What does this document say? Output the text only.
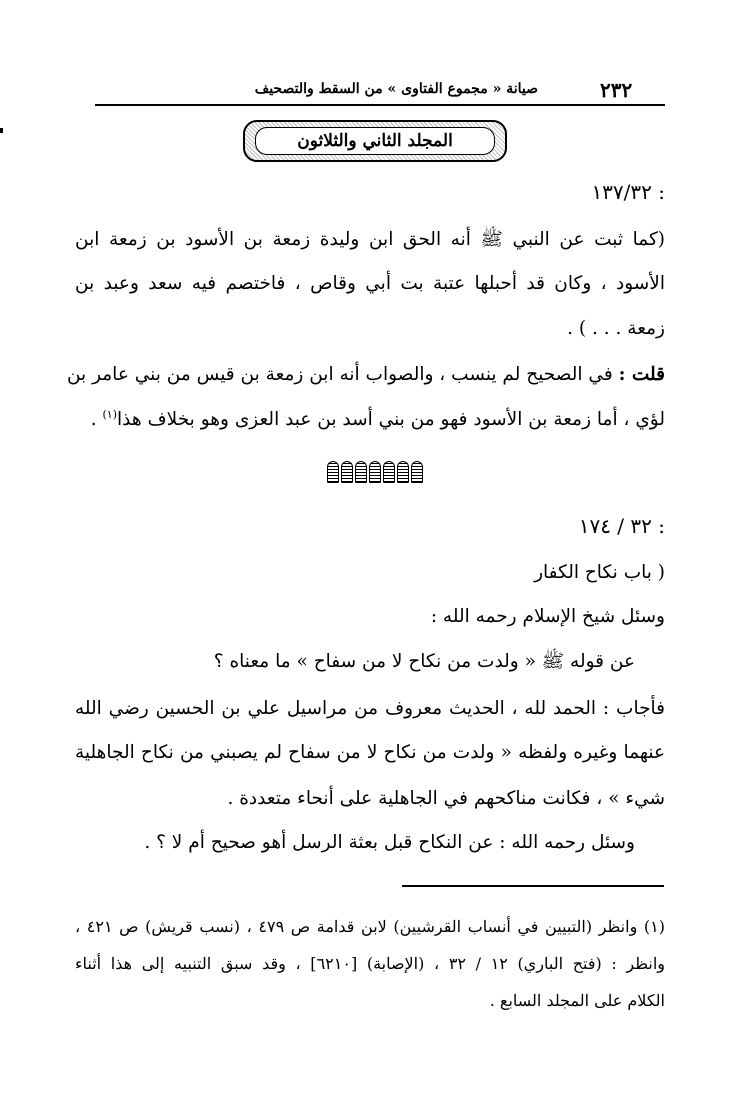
٢٣٢
صيانة « مجموع الفتاوى » من السقط والتصحيف
المجلد الثاني والثلاثون
١٣٧/٣٢ :
(كما ثبت عن النبي ﷺ أنه الحق ابن وليدة زمعة بن الأسود بن زمعة ابن
الأسود ، وكان قد أحبلها عتبة بت أبي وقاص ، فاختصم فيه سعد وعبد بن
زمعة . . . ) .
قلت : في الصحيح لم ينسب ، والصواب أنه ابن زمعة بن قيس من بني عامر بن
لؤي ، أما زمعة بن الأسود فهو من بني أسد بن عبد العزى وهو بخلاف هذا$^{(١)}$ .
٣٢ / ١٧٤ :
( باب نكاح الكفار
وسئل شيخ الإسلام رحمه الله :
عن قوله ﷺ « ولدت من نكاح لا من سفاح » ما معناه ؟
فأجاب : الحمد لله ، الحديث معروف من مراسيل علي بن الحسين رضي الله
عنهما وغيره ولفظه « ولدت من نكاح لا من سفاح لم يصبني من نكاح الجاهلية
شيء » ، فكانت مناكحهم في الجاهلية على أنحاء متعددة .
وسئل رحمه الله : عن النكاح قبل بعثة الرسل أهو صحيح أم لا ؟ .
(١) وانظر (التبيين في أنساب القرشيين) لابن قدامة ص ٤٧٩ ، (نسب قريش) ص ٤٢١ ،
وانظر : (فتح الباري) ١٢ / ٣٢ ، (الإصابة) [٦٢١٠] ، وقد سبق التنبيه إلى هذا أثناء
الكلام على المجلد السابع .
